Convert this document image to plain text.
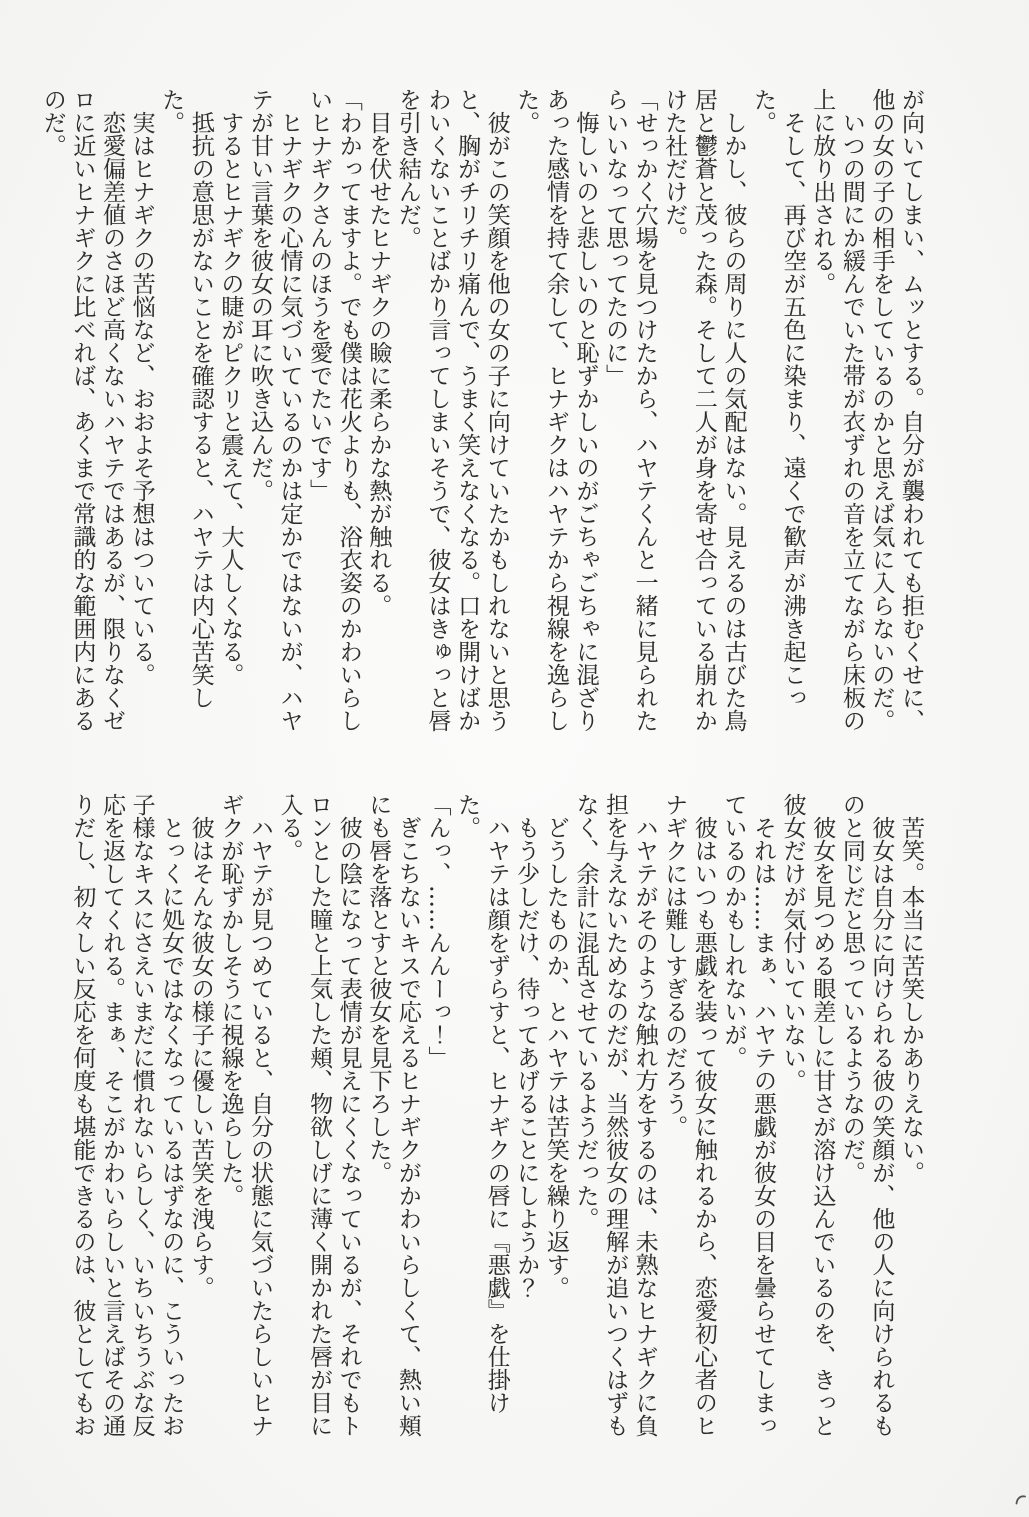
が向いてしまい、ムッとする。自分が襲われても拒むくせに、他の女の子の相手をしているのかと思えば気に入らないのだ。

いつの間にか緩んでいた帯が衣ずれの音を立てながら床板の上に放り出される。

そして、再び空が五色に染まり、遠くで歓声が沸き起こった。

しかし、彼らの周りに人の気配はない。見えるのは古びた鳥居と鬱蒼と茂った森。そして二人が身を寄せ合っている崩れかけた社だけだ。

「せっかく穴場を見つけたから、ハヤテくんと一緒に見られたらいいなって思ってたのに」

悔しいのと悲しいのと恥ずかしいのがごちゃごちゃに混ざりあった感情を持て余して、ヒナギクはハヤテから視線を逸らした。

彼がこの笑顔を他の女の子に向けていたかもしれないと思うと、胸がチリチリ痛んで、うまく笑えなくなる。口を開けばかわいくないことばかり言ってしまいそうで、彼女はきゅっと唇を引き結んだ。

目を伏せたヒナギクの瞼に柔らかな熱が触れる。

「わかってますよ。でも僕は花火よりも、浴衣姿のかわいらしいヒナギクさんのほうを愛でたいです」

ヒナギクの心情に気づいているのかは定かではないが、ハヤテが甘い言葉を彼女の耳に吹き込んだ。

するとヒナギクの睫がピクリと震えて、大人しくなる。

抵抗の意思がないことを確認すると、ハヤテは内心苦笑した。

実はヒナギクの苦悩など、おおよそ予想はついている。

恋愛偏差値のさほど高くないハヤテではあるが、限りなくゼロに近いヒナギクに比べれば、あくまで常識的な範囲内にあるのだ。

苦笑。本当に苦笑しかありえない。

彼女は自分に向けられる彼の笑顔が、他の人に向けられるものと同じだと思っているようなのだ。

彼女を見つめる眼差しに甘さが溶け込んでいるのを、きっと彼女だけが気付いていない。

それは……まぁ、ハヤテの悪戯が彼女の目を曇らせてしまっているのかもしれないが。

彼はいつも悪戯を装って彼女に触れるから、恋愛初心者のヒナギクには難しすぎるのだろう。

ハヤテがそのような触れ方をするのは、未熟なヒナギクに負担を与えないためなのだが、当然彼女の理解が追いつくはずもなく、余計に混乱させているようだった。

どうしたものか、とハヤテは苦笑を繰り返す。

もう少しだけ、待ってあげることにしようか？

ハヤテは顔をずらすと、ヒナギクの唇に『悪戯』を仕掛けた。

「んっ、……んんーっ！」

ぎこちないキスで応えるヒナギクがかわいらしくて、熱い頬にも唇を落とすと彼女を見下ろした。

彼の陰になって表情が見えにくくなっているが、それでもトロンとした瞳と上気した頬、物欲しげに薄く開かれた唇が目に入る。

ハヤテが見つめていると、自分の状態に気づいたらしいヒナギクが恥ずかしそうに視線を逸らした。

彼はそんな彼女の様子に優しい苦笑を洩らす。

とっくに処女ではなくなっているはずなのに、こういったお子様なキスにさえいまだに慣れないらしく、いちいちうぶな反応を返してくれる。まぁ、そこがかわいらしいと言えばその通りだし、初々しい反応を何度も堪能できるのは、彼としてもお
